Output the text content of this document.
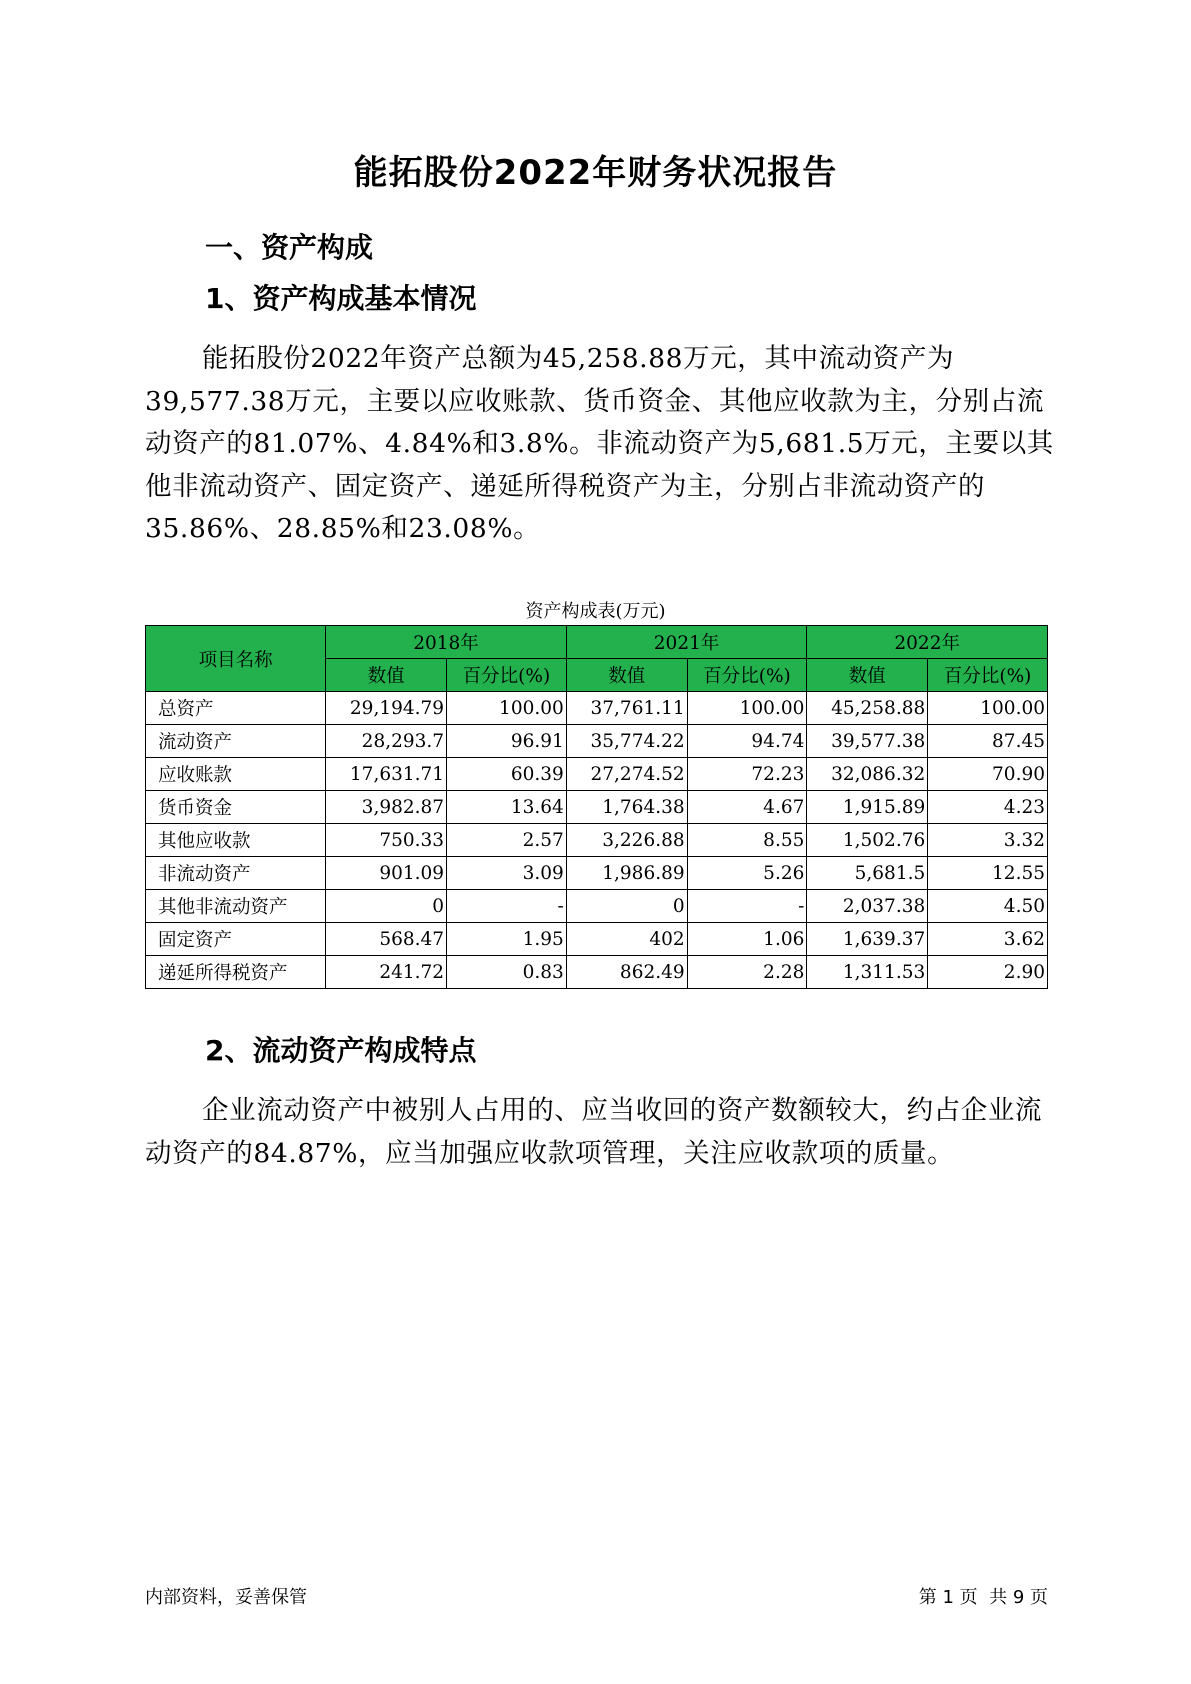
能拓股份2022年财务状况报告
一、资产构成
1、资产构成基本情况

能拓股份2022年资产总额为45,258.88万元，其中流动资产为39,577.38万元，主要以应收账款、货币资金、其他应收款为主，分别占流动资产的81.07%、4.84%和3.8%。非流动资产为5,681.5万元，主要以其他非流动资产、固定资产、递延所得税资产为主，分别占非流动资产的35.86%、28.85%和23.08%。

资产构成表(万元)
项目名称	2018年		2021年		2022年	
	数值	百分比(%)	数值	百分比(%)	数值	百分比(%)
总资产	29,194.79	100.00	37,761.11	100.00	45,258.88	100.00
流动资产	28,293.7	96.91	35,774.22	94.74	39,577.38	87.45
应收账款	17,631.71	60.39	27,274.52	72.23	32,086.32	70.90
货币资金	3,982.87	13.64	1,764.38	4.67	1,915.89	4.23
其他应收款	750.33	2.57	3,226.88	8.55	1,502.76	3.32
非流动资产	901.09	3.09	1,986.89	5.26	5,681.5	12.55
其他非流动资产	0	-	0	-	2,037.38	4.50
固定资产	568.47	1.95	402	1.06	1,639.37	3.62
递延所得税资产	241.72	0.83	862.49	2.28	1,311.53	2.90
2、流动资产构成特点

企业流动资产中被别人占用的、应当收回的资产数额较大，约占企业流动资产的84.87%，应当加强应收款项管理，关注应收款项的质量。

内部资料，妥善保管	第 1 页  共 9 页
